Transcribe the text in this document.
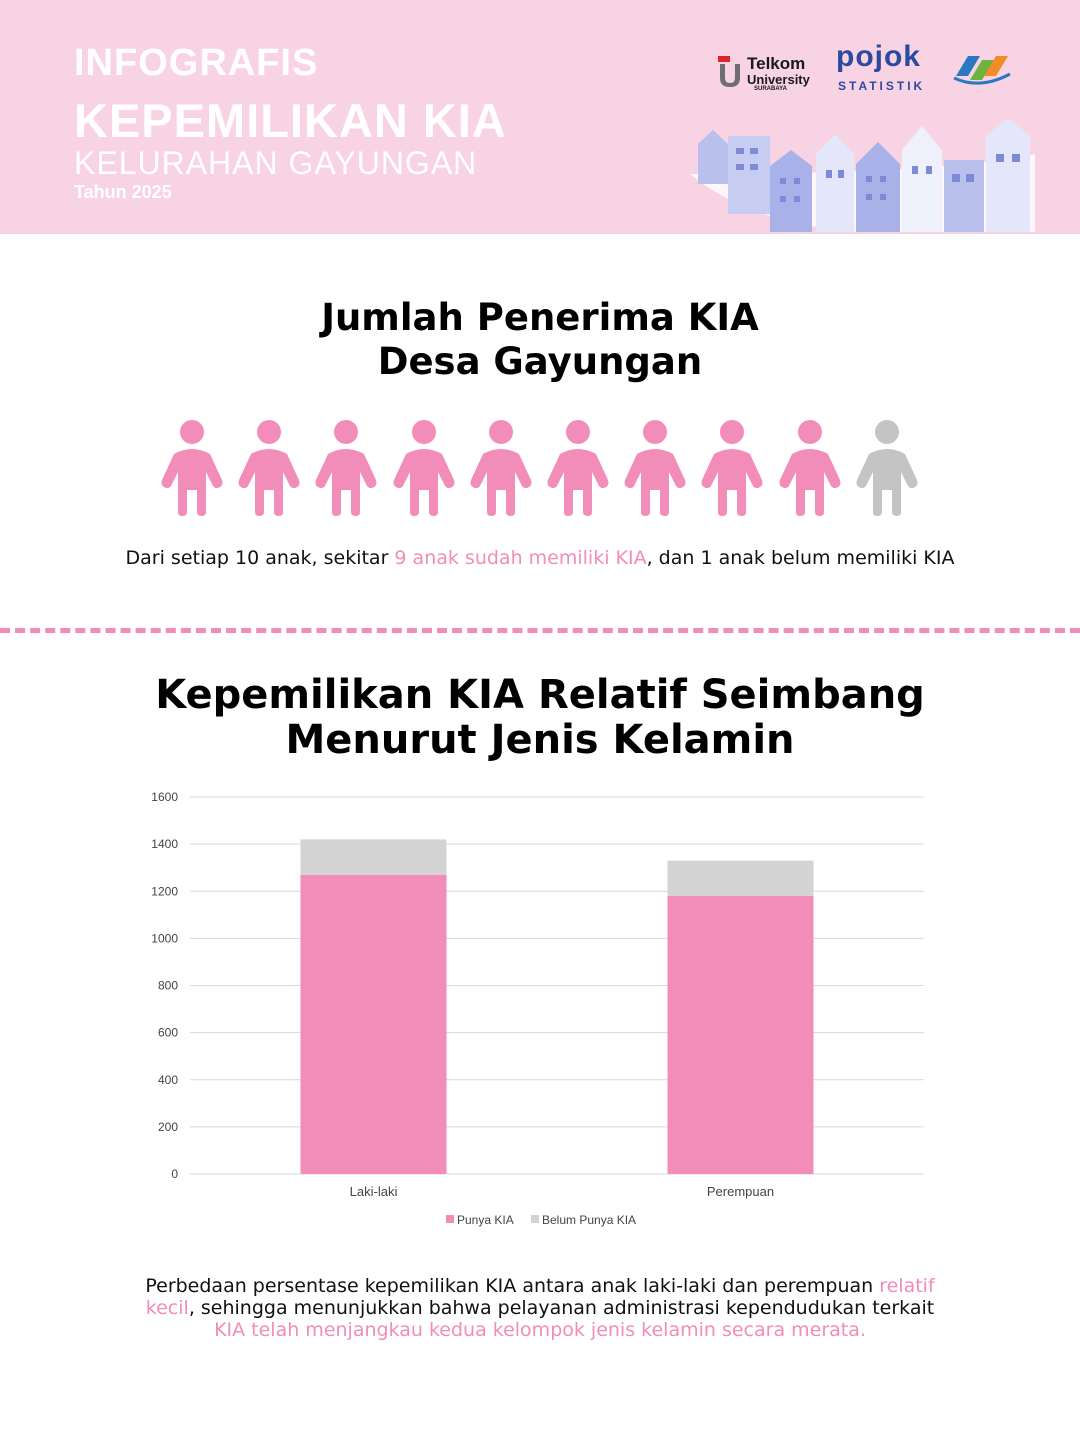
INFOGRAFIS
KEPEMILIKAN KIA
KELURAHAN GAYUNGAN
Tahun 2025
Telkom
University
SURABAYA
pojok
STATISTIK
Jumlah Penerima KIA
Desa Gayungan
Dari setiap 10 anak, sekitar 9 anak sudah memiliki KIA, dan 1 anak belum memiliki KIA
Kepemilikan KIA Relatif Seimbang
Menurut Jenis Kelamin
0
200
400
600
800
1000
1200
1400
1600
Laki-laki	Perempuan
Punya KIA Belum Punya KIA
Perbedaan persentase kepemilikan KIA antara anak laki-laki dan perempuan relatif kecil, sehingga menunjukkan bahwa pelayanan administrasi kependudukan terkait KIA telah menjangkau kedua kelompok jenis kelamin secara merata.
